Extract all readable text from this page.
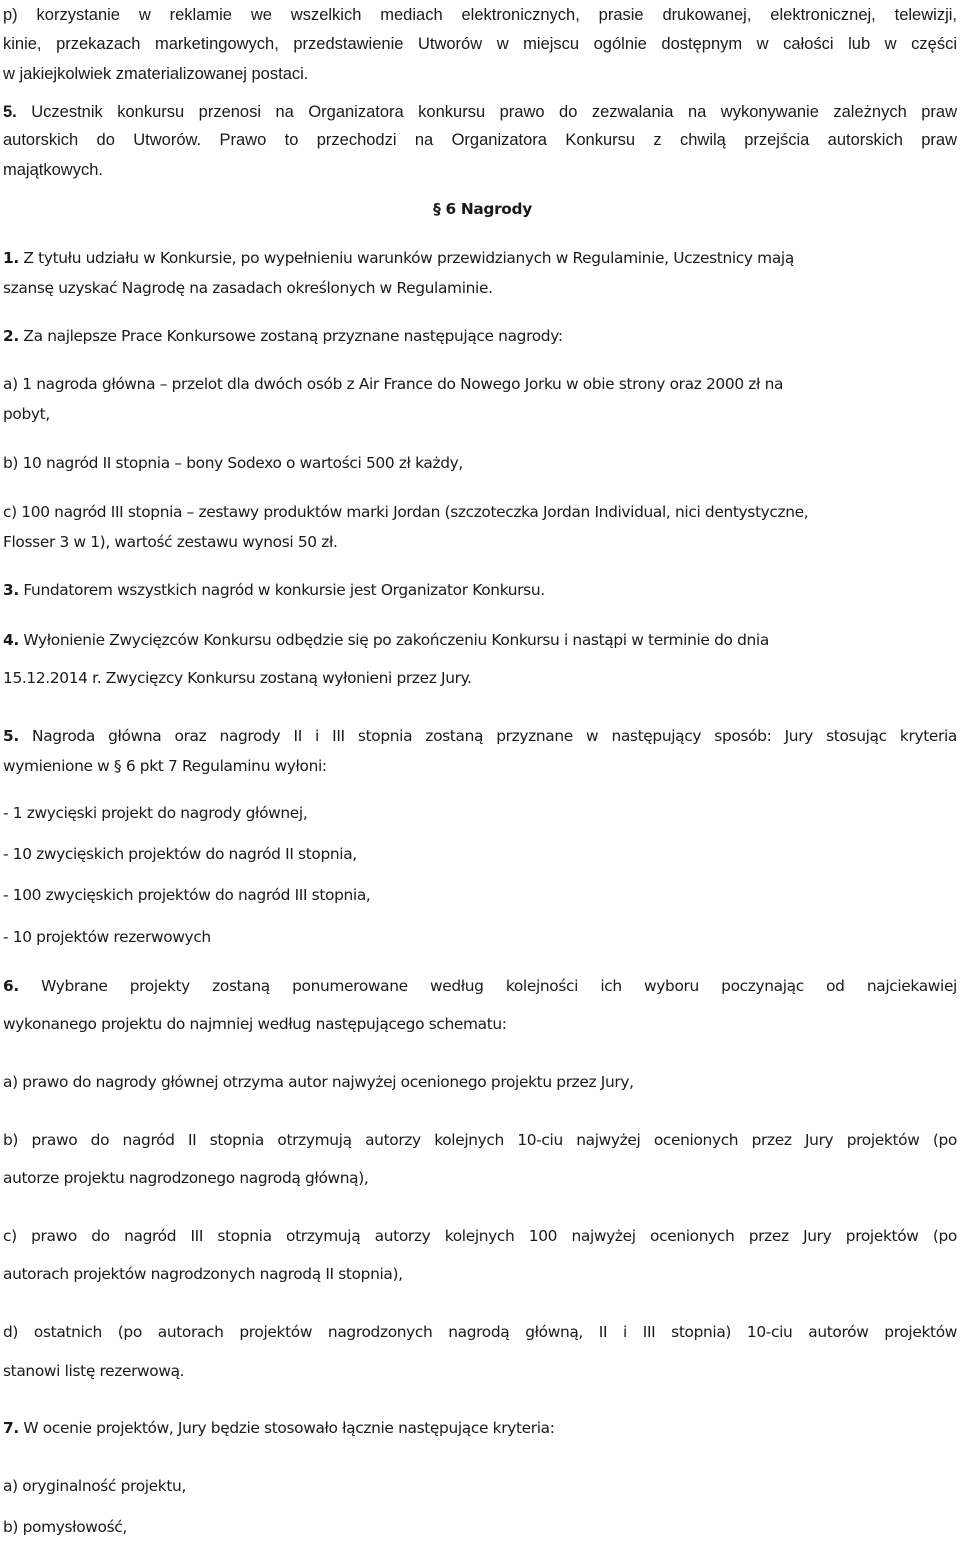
p) korzystanie w reklamie we wszelkich mediach elektronicznych, prasie drukowanej, elektronicznej, telewizji,
kinie, przekazach marketingowych, przedstawienie Utworów w miejscu ogólnie dostępnym w całości lub w części
w jakiejkolwiek zmaterializowanej postaci.
5. Uczestnik konkursu przenosi na Organizatora konkursu prawo do zezwalania na wykonywanie zależnych praw
autorskich do Utworów. Prawo to przechodzi na Organizatora Konkursu z chwilą przejścia autorskich praw
majątkowych.
§ 6 Nagrody
1. Z tytułu udziału w Konkursie, po wypełnieniu warunków przewidzianych w Regulaminie, Uczestnicy mają
szansę uzyskać Nagrodę na zasadach określonych w Regulaminie.
2. Za najlepsze Prace Konkursowe zostaną przyznane następujące nagrody:
a) 1 nagroda główna – przelot dla dwóch osób z Air France do Nowego Jorku w obie strony oraz 2000 zł na
pobyt,
b) 10 nagród II stopnia – bony Sodexo o wartości 500 zł każdy,
c) 100 nagród III stopnia – zestawy produktów marki Jordan (szczoteczka Jordan Individual, nici dentystyczne,
Flosser 3 w 1), wartość zestawu wynosi 50 zł.
3. Fundatorem wszystkich nagród w konkursie jest Organizator Konkursu.
4. Wyłonienie Zwycięzców Konkursu odbędzie się po zakończeniu Konkursu i nastąpi w terminie do dnia
15.12.2014 r. Zwycięzcy Konkursu zostaną wyłonieni przez Jury.
5. Nagroda główna oraz nagrody II i III stopnia zostaną przyznane w następujący sposób: Jury stosując kryteria
wymienione w § 6 pkt 7 Regulaminu wyłoni:
- 1 zwycięski projekt do nagrody głównej,
- 10 zwycięskich projektów do nagród II stopnia,
- 100 zwycięskich projektów do nagród III stopnia,
- 10 projektów rezerwowych
6. Wybrane projekty zostaną ponumerowane według kolejności ich wyboru poczynając od najciekawiej
wykonanego projektu do najmniej według następującego schematu:
a) prawo do nagrody głównej otrzyma autor najwyżej ocenionego projektu przez Jury,
b) prawo do nagród II stopnia otrzymują autorzy kolejnych 10-ciu najwyżej ocenionych przez Jury projektów (po
autorze projektu nagrodzonego nagrodą główną),
c) prawo do nagród III stopnia otrzymują autorzy kolejnych 100 najwyżej ocenionych przez Jury projektów (po
autorach projektów nagrodzonych nagrodą II stopnia),
d) ostatnich (po autorach projektów nagrodzonych nagrodą główną, II i III stopnia) 10-ciu autorów projektów
stanowi listę rezerwową.
7. W ocenie projektów, Jury będzie stosowało łącznie następujące kryteria:
a) oryginalność projektu,
b) pomysłowość,
